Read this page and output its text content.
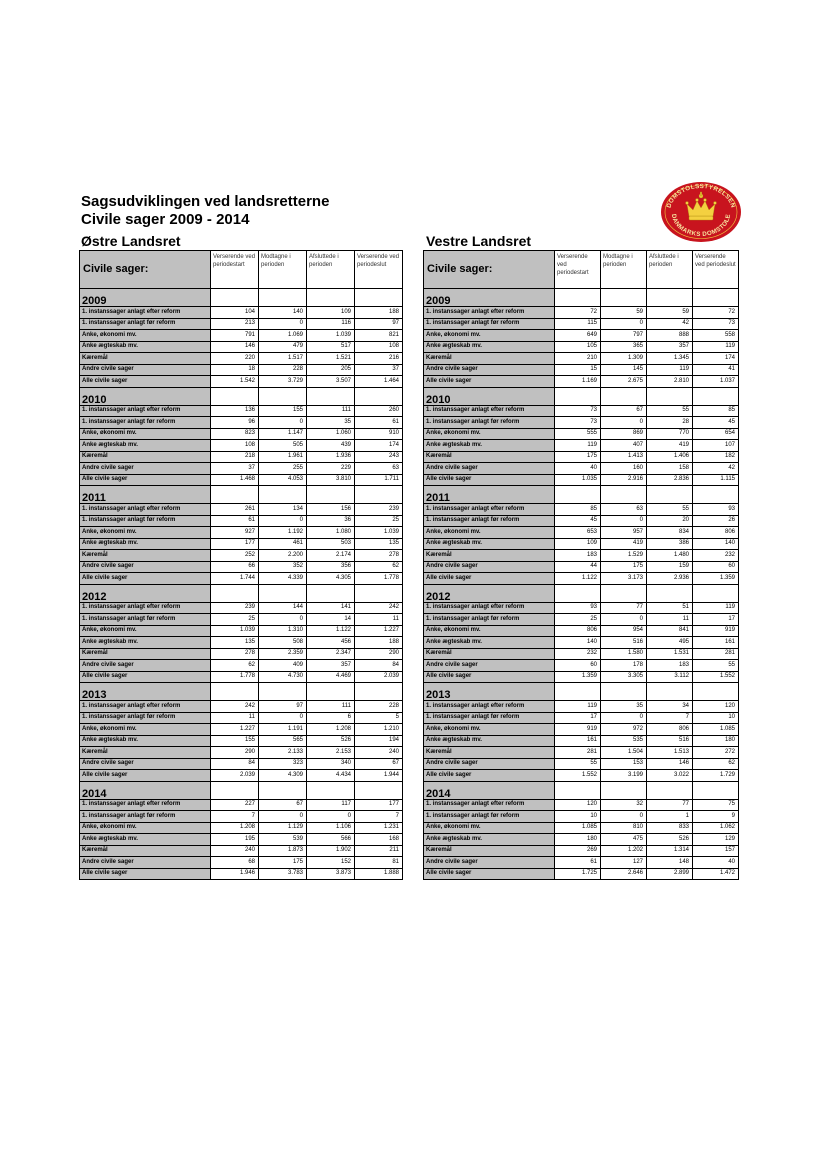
Sagsudviklingen ved landsretterne
Civile sager 2009 - 2014
DOMSTOLSSTYRELSEN
DANMARKS DOMSTOLE
Østre Landsret	Vestre Landsret
Civile sager:	Verserende ved periodestart	Modtagne i perioden	Afsluttede i perioden	Verserende ved periodeslut
2009				
1. instanssager anlagt efter reform	104	140	109	188
1. instanssager anlagt før reform	213	0	116	97
Anke, økonomi mv.	791	1.069	1.039	821
Anke ægteskab mv.	146	479	517	108
Kæremål	220	1.517	1.521	216
Andre civile sager	18	228	205	37
Alle civile sager	1.542	3.729	3.507	1.464
2010				
1. instanssager anlagt efter reform	136	155	111	260
1. instanssager anlagt før reform	96	0	35	61
Anke, økonomi mv.	823	1.147	1.060	910
Anke ægteskab mv.	108	505	439	174
Kæremål	218	1.961	1.936	243
Andre civile sager	37	255	229	63
Alle civile sager	1.468	4.053	3.810	1.711
2011				
1. instanssager anlagt efter reform	261	134	156	239
1. instanssager anlagt før reform	61	0	36	25
Anke, økonomi mv.	927	1.192	1.080	1.039
Anke ægteskab mv.	177	461	503	135
Kæremål	252	2.200	2.174	278
Andre civile sager	66	352	356	62
Alle civile sager	1.744	4.339	4.305	1.778
2012				
1. instanssager anlagt efter reform	239	144	141	242
1. instanssager anlagt før reform	25	0	14	11
Anke, økonomi mv.	1.039	1.310	1.122	1.227
Anke ægteskab mv.	135	508	456	188
Kæremål	278	2.359	2.347	290
Andre civile sager	62	409	357	84
Alle civile sager	1.778	4.730	4.469	2.039
2013				
1. instanssager anlagt efter reform	242	97	111	228
1. instanssager anlagt før reform	11	0	6	5
Anke, økonomi mv.	1.227	1.191	1.208	1.210
Anke ægteskab mv.	155	565	526	194
Kæremål	290	2.133	2.153	240
Andre civile sager	84	323	340	67
Alle civile sager	2.039	4.309	4.434	1.944
2014				
1. instanssager anlagt efter reform	227	67	117	177
1. instanssager anlagt før reform	7	0	0	7
Anke, økonomi mv.	1.208	1.129	1.106	1.231
Anke ægteskab mv.	195	539	566	168
Kæremål	240	1.873	1.902	211
Andre civile sager	68	175	152	81
Alle civile sager	1.946	3.783	3.873	1.888
Civile sager:	Verserende ved periodestart	Modtagne i perioden	Afsluttede i perioden	Verserende ved periodeslut
2009				
1. instanssager anlagt efter reform	72	59	59	72
1. instanssager anlagt før reform	115	0	42	73
Anke, økonomi mv.	649	797	888	558
Anke ægteskab mv.	105	365	357	119
Kæremål	210	1.309	1.345	174
Andre civile sager	15	145	119	41
Alle civile sager	1.169	2.675	2.810	1.037
2010				
1. instanssager anlagt efter reform	73	67	55	85
1. instanssager anlagt før reform	73	0	28	45
Anke, økonomi mv.	555	869	770	654
Anke ægteskab mv.	119	407	419	107
Kæremål	175	1.413	1.406	182
Andre civile sager	40	160	158	42
Alle civile sager	1.035	2.916	2.836	1.115
2011				
1. instanssager anlagt efter reform	85	63	55	93
1. instanssager anlagt før reform	45	0	20	26
Anke, økonomi mv.	653	957	834	806
Anke ægteskab mv.	109	419	386	140
Kæremål	183	1.529	1.480	232
Andre civile sager	44	175	159	60
Alle civile sager	1.122	3.173	2.936	1.359
2012				
1. instanssager anlagt efter reform	93	77	51	119
1. instanssager anlagt før reform	25	0	11	17
Anke, økonomi mv.	806	954	841	919
Anke ægteskab mv.	140	516	495	161
Kæremål	232	1.580	1.531	281
Andre civile sager	60	178	183	55
Alle civile sager	1.359	3.305	3.112	1.552
2013				
1. instanssager anlagt efter reform	119	35	34	120
1. instanssager anlagt før reform	17	0	7	10
Anke, økonomi mv.	919	972	806	1.085
Anke ægteskab mv.	161	535	516	180
Kæremål	281	1.504	1.513	272
Andre civile sager	55	153	146	62
Alle civile sager	1.552	3.199	3.022	1.729
2014				
1. instanssager anlagt efter reform	120	32	77	75
1. instanssager anlagt før reform	10	0	1	9
Anke, økonomi mv.	1.085	810	833	1.062
Anke ægteskab mv.	180	475	526	129
Kæremål	269	1.202	1.314	157
Andre civile sager	61	127	148	40
Alle civile sager	1.725	2.646	2.899	1.472
